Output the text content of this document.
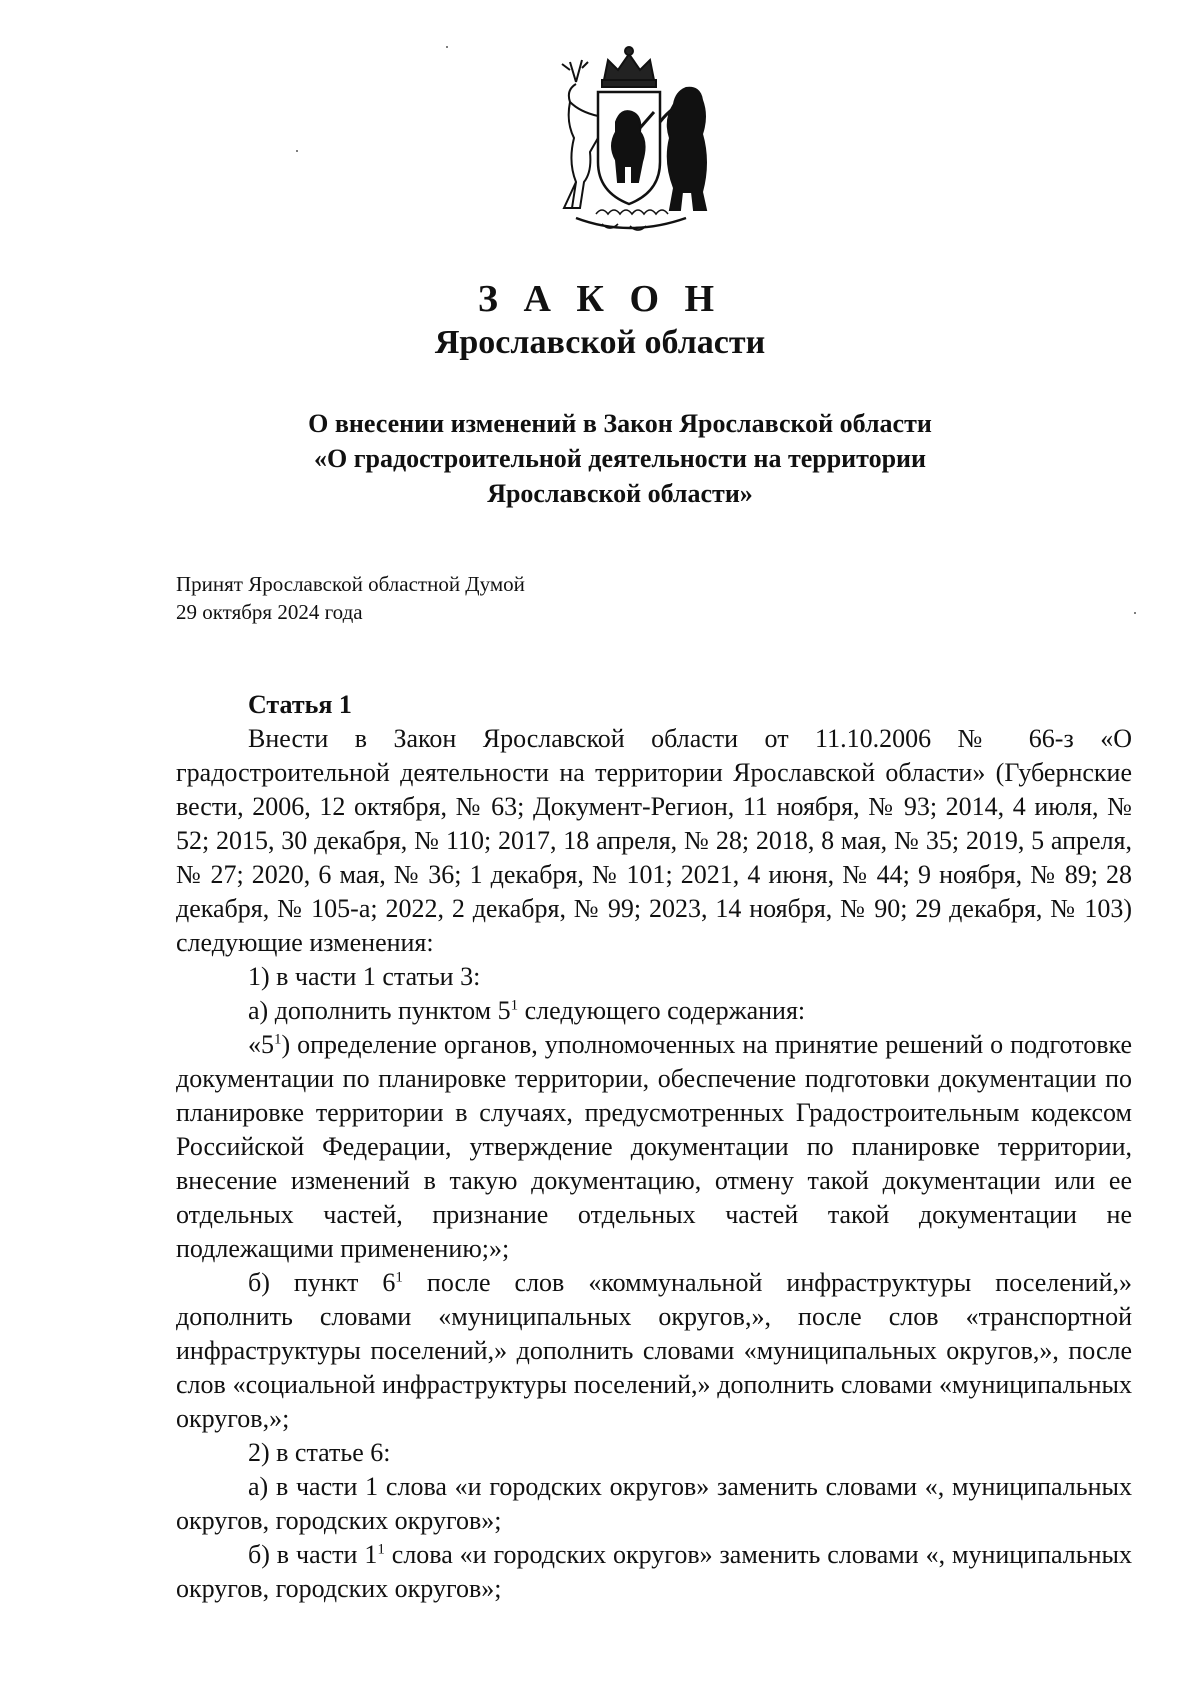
З А К О Н
Ярославской области
О внесении изменений в Закон Ярославской области
«О градостроительной деятельности на территории
Ярославской области»
Принят Ярославской областной Думой
29 октября 2024 года

Статья 1

Внести в Закон Ярославской области от 11.10.2006 № 66-з «О градостроительной деятельности на территории Ярославской области» (Губернские вести, 2006, 12 октября, № 63; Документ-Регион, 11 ноября, № 93; 2014, 4 июля, № 52; 2015, 30 декабря, № 110; 2017, 18 апреля, № 28; 2018, 8 мая, № 35; 2019, 5 апреля, № 27; 2020, 6 мая, № 36; 1 декабря, № 101; 2021, 4 июня, № 44; 9 ноября, № 89; 28 декабря, № 105-а; 2022, 2 декабря, № 99; 2023, 14 ноября, № 90; 29 декабря, № 103) следующие изменения:

1) в части 1 статьи 3:

а) дополнить пунктом $5^1$ следующего содержания:

«$5^1$) определение органов, уполномоченных на принятие решений о подготовке документации по планировке территории, обеспечение подготовки документации по планировке территории в случаях, предусмотренных Градостроительным кодексом Российской Федерации, утверждение документации по планировке территории, внесение изменений в такую документацию, отмену такой документации или ее отдельных частей, признание отдельных частей такой документации не подлежащими применению;»;

б) пункт $6^1$ после слов «коммунальной инфраструктуры поселений,» дополнить словами «муниципальных округов,», после слов «транспортной инфраструктуры поселений,» дополнить словами «муниципальных округов,», после слов «социальной инфраструктуры поселений,» дополнить словами «муниципальных округов,»;

2) в статье 6:

а) в части 1 слова «и городских округов» заменить словами «, муниципальных округов, городских округов»;

б) в части $1^1$ слова «и городских округов» заменить словами «, муниципальных округов, городских округов»;
